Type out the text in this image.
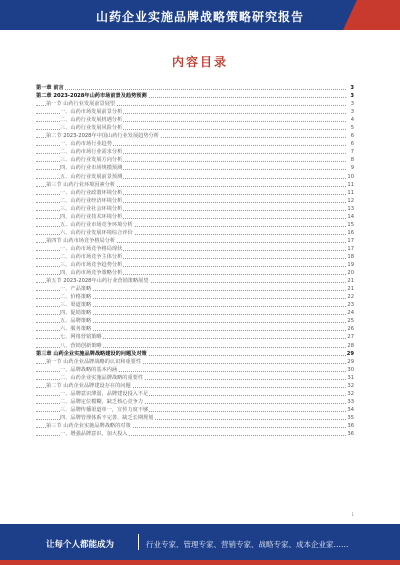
山药企业实施品牌战略策略研究报告
内容目录
第一章 前言	3
第二章 2023-2028年山药市场前景及趋势预测	3
第一节 山药行业发展前景展望	3
一、山药市场发展前景分析	3
二、山药行业发展机遇分析	4
三、山药行业发展风险分析	5
第二节 2023-2028年中国山药行业发展趋势分析	6
一、山药市场行业趋势	6
二、山药市场行业需求分析	7
三、山药行业发展方向分析	8
四、山药行业市场规模预测	9
五、山药行业发展前景预测	10
第三节 山药行业环境因素分析	11
一、山药行业政策环境分析	11
二、山药行业经济环境分析	12
三、山药行业社会环境分析	13
四、山药行业技术环境分析	14
五、山药行业市场竞争环境分析	15
六、山药行业发展环境综合评价	16
第四节 山药市场竞争格局分析	17
一、山药市场竞争格局现状	17
二、山药市场竞争主体分析	18
三、山药市场竞争趋势分析	19
四、山药市场竞争策略分析	20
第五节 2023-2028年山药行业营销策略展望	21
一、产品策略	21
二、价格策略	22
三、渠道策略	23
四、促销策略	24
五、品牌策略	25
六、服务策略	26
七、网络营销策略	27
八、营销创新策略	28
第三章 山药企业实施品牌战略建设的问题及对策	29
第一节 山药企业品牌战略的认识和重要性	29
一、品牌战略的基本内涵	30
二、山药企业实施品牌战略的重要性	31
第二节 山药企业品牌建设存在的问题	32
一、品牌意识薄弱，品牌建设投入不足	32
二、品牌定位模糊，缺乏核心竞争力	33
三、品牌传播渠道单一，宣传力度不够	34
四、品牌管理体系不完善，缺乏长期规划	35
第三节 山药企业实施品牌战略的对策	36
一、增强品牌意识，加大投入	36
1
让每个人都能成为	行业专家、管理专家、营销专家、战略专家、成本企业家……
